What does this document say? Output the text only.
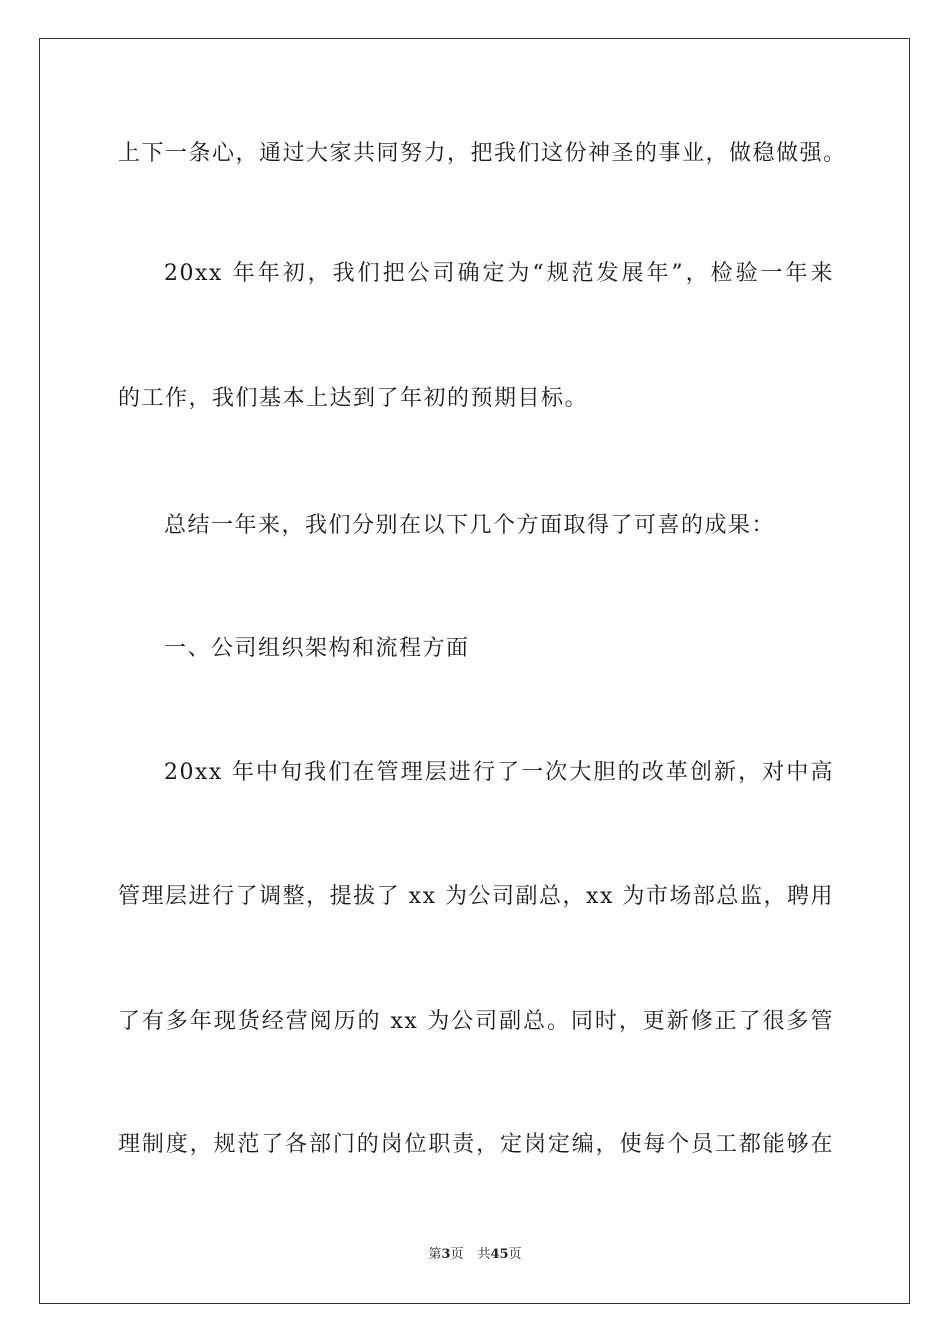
上下一条心，通过大家共同努力，把我们这份神圣的事业，做稳做强。
20xx 年年初，我们把公司确定为“规范发展年”，检验一年来
的工作，我们基本上达到了年初的预期目标。
总结一年来，我们分别在以下几个方面取得了可喜的成果：
一、公司组织架构和流程方面
20xx 年中旬我们在管理层进行了一次大胆的改革创新，对中高
管理层进行了调整，提拔了 xx 为公司副总，xx 为市场部总监，聘用
了有多年现货经营阅历的 xx 为公司副总。同时，更新修正了很多管
理制度，规范了各部门的岗位职责，定岗定编，使每个员工都能够在
第3页 共45页
